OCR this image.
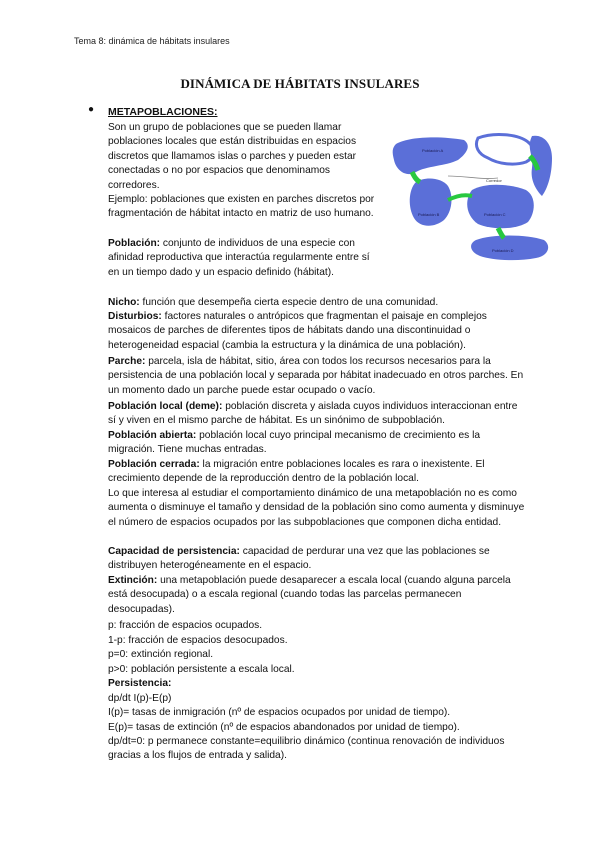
Tema 8: dinámica de hábitats insulares
DINÁMICA DE HÁBITATS INSULARES
● METAPOBLACIONES:

Son un grupo de poblaciones que se pueden llamar poblaciones locales que están distribuidas en espacios discretos que llamamos islas o parches y pueden estar conectadas o no por espacios que denominamos corredores.

Ejemplo: poblaciones que existen en parches discretos por fragmentación de hábitat intacto en matriz de uso humano.

Población: conjunto de individuos de una especie con afinidad reproductiva que interactúa regularmente entre sí en un tiempo dado y un espacio definido (hábitat).

Nicho: función que desempeña cierta especie dentro de una comunidad.

Disturbios: factores naturales o antrópicos que fragmentan el paisaje en complejos mosaicos de parches de diferentes tipos de hábitats dando una discontinuidad o heterogeneidad espacial (cambia la estructura y la dinámica de una población).

Parche: parcela, isla de hábitat, sitio, área con todos los recursos necesarios para la persistencia de una población local y separada por hábitat inadecuado en otros parches. En un momento dado un parche puede estar ocupado o vacío.

Población local (deme): población discreta y aislada cuyos individuos interaccionan entre sí y viven en el mismo parche de hábitat. Es un sinónimo de subpoblación.

Población abierta: población local cuyo principal mecanismo de crecimiento es la migración. Tiene muchas entradas.

Población cerrada: la migración entre poblaciones locales es rara o inexistente. El crecimiento depende de la reproducción dentro de la población local.

Lo que interesa al estudiar el comportamiento dinámico de una metapoblación no es como aumenta o disminuye el tamaño y densidad de la población sino como aumenta y disminuye el número de espacios ocupados por las subpoblaciones que componen dicha entidad.

Capacidad de persistencia: capacidad de perdurar una vez que las poblaciones se distribuyen heterogéneamente en el espacio.

Extinción: una metapoblación puede desaparecer a escala local (cuando alguna parcela está desocupada) o a escala regional (cuando todas las parcelas permanecen desocupadas).

p: fracción de espacios ocupados.

1-p: fracción de espacios desocupados.

p=0: extinción regional.

p>0: población persistente a escala local.

Persistencia:

dp/dt I(p)-E(p)

I(p)= tasas de inmigración (nº de espacios ocupados por unidad de tiempo).

E(p)= tasas de extinción (nº de espacios abandonados por unidad de tiempo).

dp/dt=0: p permanece constante=equilibrio dinámico (continua renovación de individuos gracias a los flujos de entrada y salida).

Población A
Corredor
Población B	Población C
Población D
